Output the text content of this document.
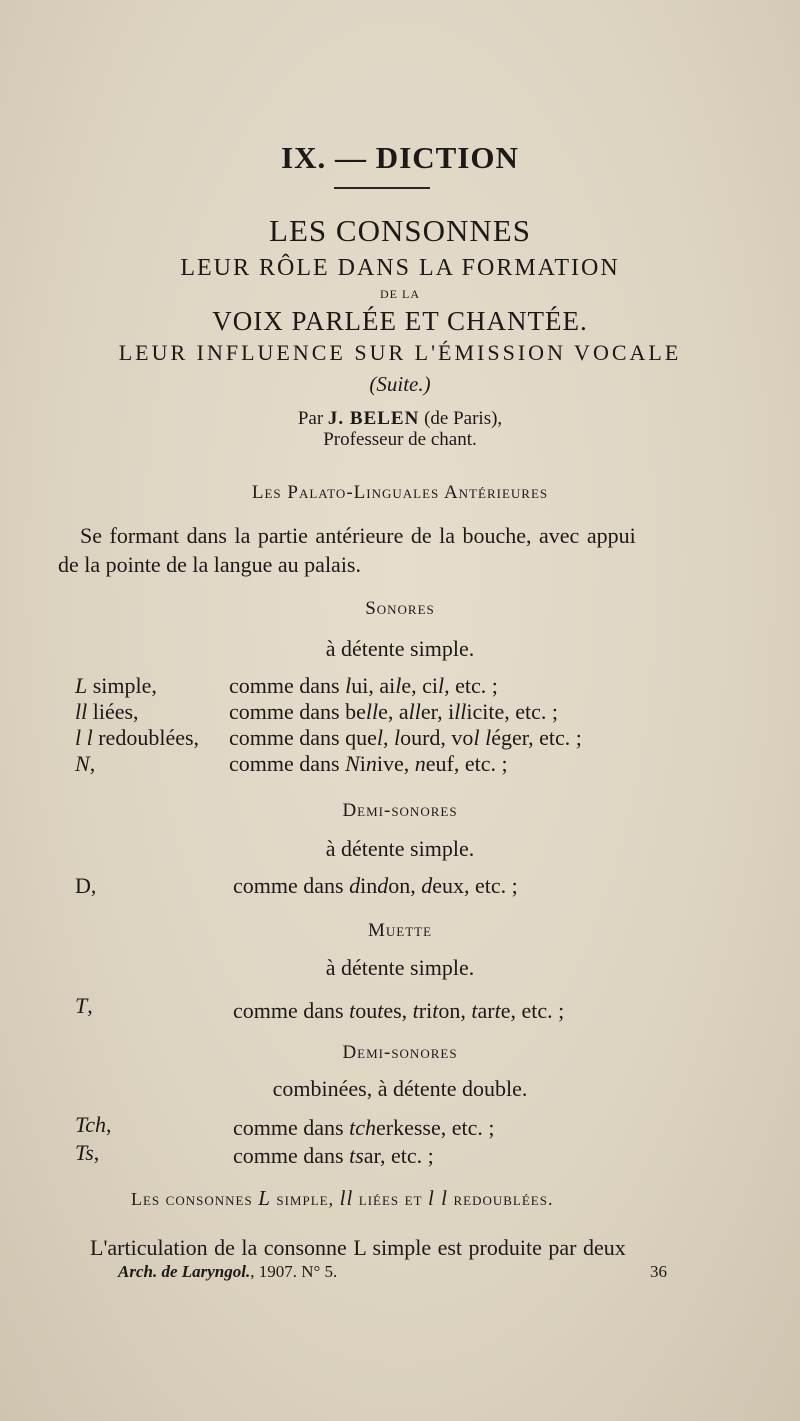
IX. — DICTION
LES CONSONNES
LEUR RÔLE DANS LA FORMATION
DE LA
VOIX PARLÉE ET CHANTÉE.
LEUR INFLUENCE SUR L'ÉMISSION VOCALE
(Suite.)
Par J. BELEN (de Paris),
Professeur de chant.
Les Palato-Linguales Antérieures
Se formant dans la partie antérieure de la bouche, avec appui
de la pointe de la langue au palais.
Sonores
à détente simple.
L simple,	comme dans lui, aile, cil, etc. ;
ll liées,	comme dans belle, aller, illicite, etc. ;
l l redoublées, comme dans quel, lourd, vol léger, etc. ;
N,	comme dans Ninive, neuf, etc. ;
Demi-sonores
à détente simple.
D,	comme dans dindon, deux, etc. ;
Muette
à détente simple.
T,	comme dans toutes, triton, tarte, etc. ;
Demi-sonores
combinées, à détente double.
Tch,	comme dans tcherkesse, etc. ;
Ts,	comme dans tsar, etc. ;
Les consonnes L simple, ll liées et l l redoublées.
L'articulation de la consonne L simple est produite par deux
Arch. de Laryngol., 1907. N° 5.	36
